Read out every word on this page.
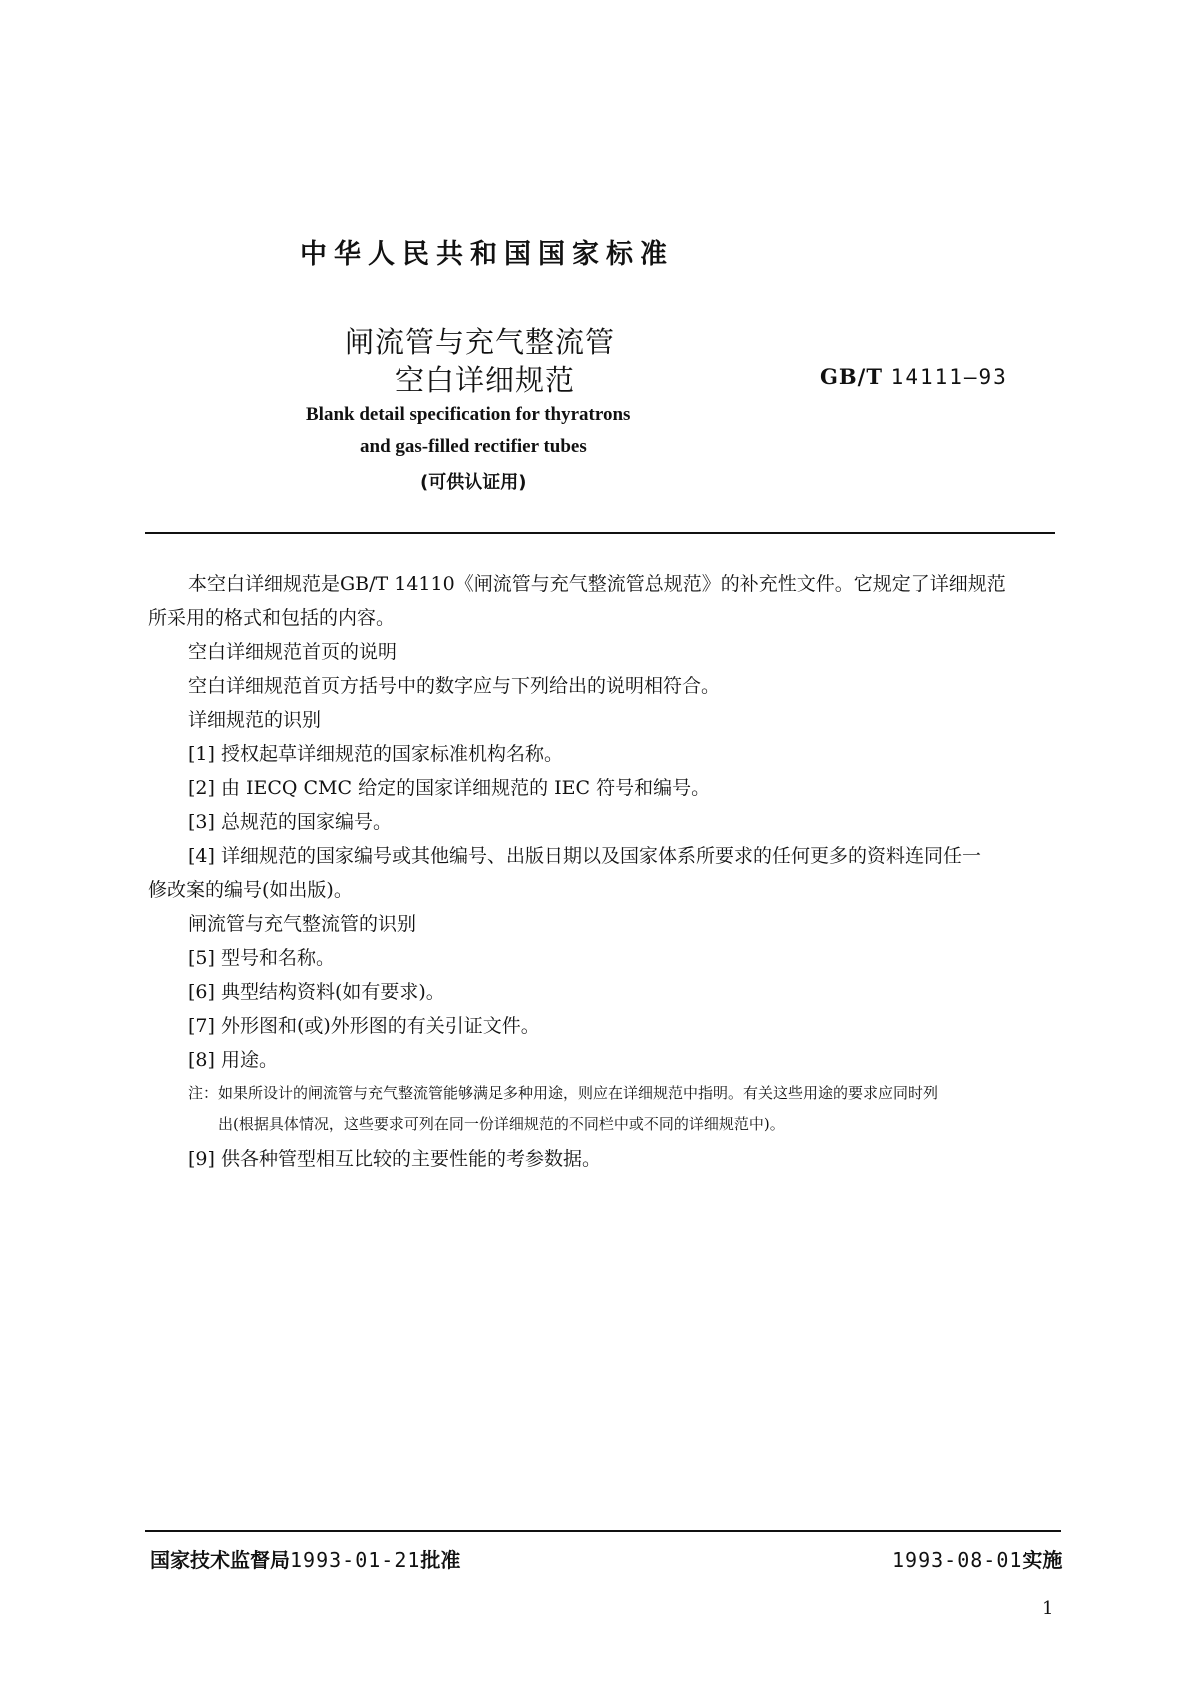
中华人民共和国国家标准
闸流管与充气整流管
空白详细规范	GB/T 14111—93
Blank detail specification for thyratrons
and gas-filled rectifier tubes
(可供认证用)

本空白详细规范是GB/T 14110《闸流管与充气整流管总规范》的补充性文件。它规定了详细规范

所采用的格式和包括的内容。

空白详细规范首页的说明

空白详细规范首页方括号中的数字应与下列给出的说明相符合。

详细规范的识别

[1] 授权起草详细规范的国家标准机构名称。

[2] 由 IECQ CMC 给定的国家详细规范的 IEC 符号和编号。

[3] 总规范的国家编号。

[4] 详细规范的国家编号或其他编号、出版日期以及国家体系所要求的任何更多的资料连同任一

修改案的编号(如出版)。

闸流管与充气整流管的识别

[5] 型号和名称。

[6] 典型结构资料(如有要求)。

[7] 外形图和(或)外形图的有关引证文件。

[8] 用途。

注：如果所设计的闸流管与充气整流管能够满足多种用途，则应在详细规范中指明。有关这些用途的要求应同时列
出(根据具体情况，这些要求可列在同一份详细规范的不同栏中或不同的详细规范中)。

[9] 供各种管型相互比较的主要性能的考参数据。

国家技术监督局1993-01-21批准	1993-08-01实施
1
